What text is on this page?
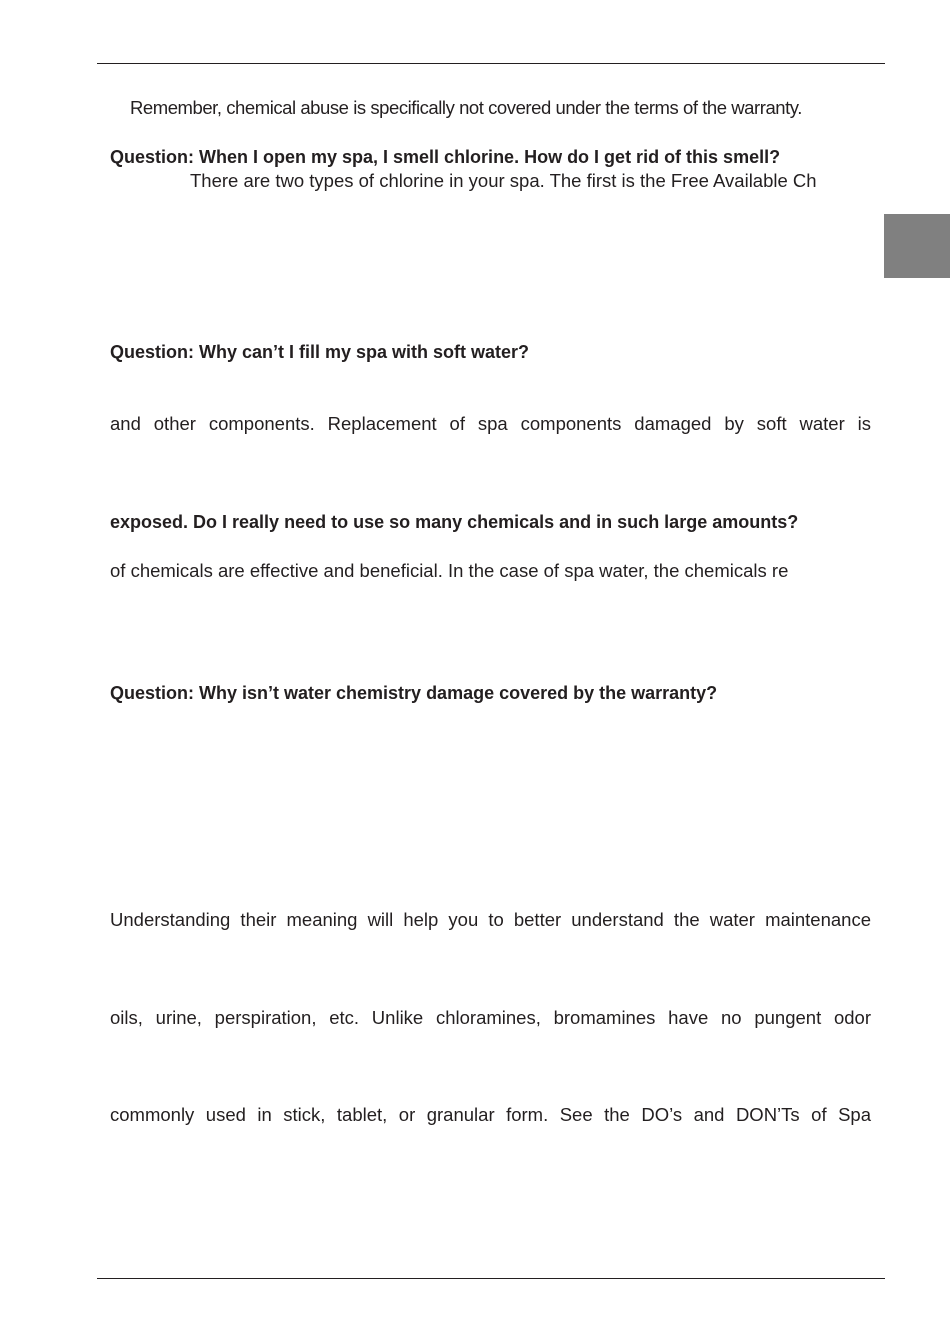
Remember, chemical abuse is specifically not covered under the terms of the warranty.
Question: When I open my spa, I smell chlorine. How do I get rid of this smell?
There are two types of chlorine in your spa. The first is the Free Available Ch
Question: Why can’t I fill my spa with soft water?
and other components. Replacement of spa components damaged by soft water is
exposed. Do I really need to use so many chemicals and in such large amounts?
of chemicals are effective and beneficial. In the case of spa water, the chemicals re
Question: Why isn’t water chemistry damage covered by the warranty?
Understanding their meaning will help you to better understand the water maintenance
oils, urine, perspiration, etc. Unlike chloramines, bromamines have no pungent odor
commonly used in stick, tablet, or granular form. See the DO’s and DON’Ts of Spa
